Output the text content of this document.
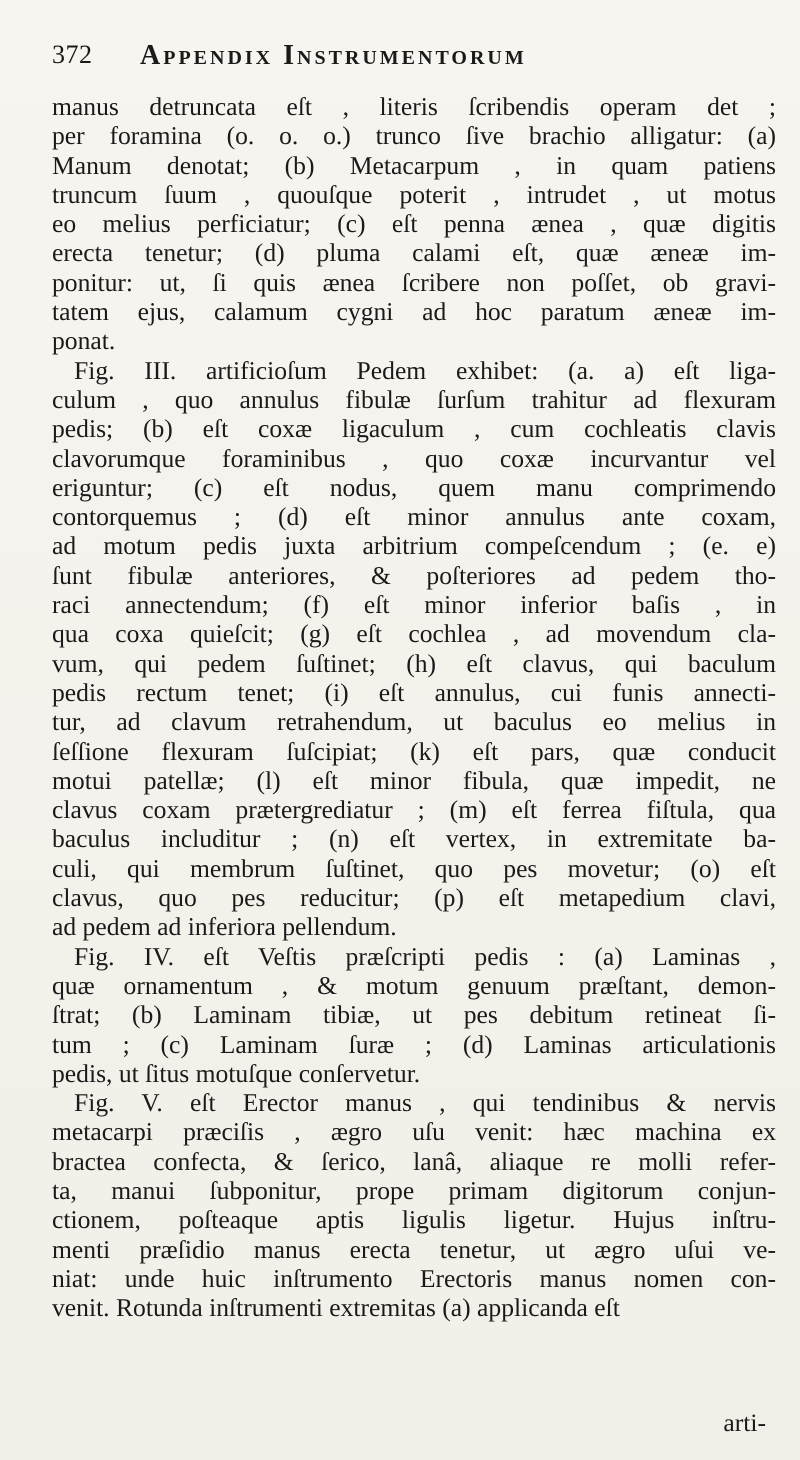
372 Appendix Instrumentorum
manus detruncata eſt , literis ſcribendis operam det ;
per foramina (o. o. o.) trunco ſive brachio alligatur: (a)
Manum denotat; (b) Metacarpum , in quam patiens
truncum ſuum , quouſque poterit , intrudet , ut motus
eo melius perficiatur; (c) eſt penna ænea , quæ digitis
erecta tenetur; (d) pluma calami eſt, quæ æneæ im-
ponitur: ut, ſi quis ænea ſcribere non poſſet, ob gravi-
tatem ejus, calamum cygni ad hoc paratum æneæ im-
ponat.
Fig. III. artificioſum Pedem exhibet: (a. a) eſt liga-
culum , quo annulus fibulæ ſurſum trahitur ad flexuram
pedis; (b) eſt coxæ ligaculum , cum cochleatis clavis
clavorumque foraminibus , quo coxæ incurvantur vel
eriguntur; (c) eſt nodus, quem manu comprimendo
contorquemus ; (d) eſt minor annulus ante coxam,
ad motum pedis juxta arbitrium compeſcendum ; (e. e)
ſunt fibulæ anteriores, & poſteriores ad pedem tho-
raci annectendum; (f) eſt minor inferior baſis , in
qua coxa quieſcit; (g) eſt cochlea , ad movendum cla-
vum, qui pedem ſuſtinet; (h) eſt clavus, qui baculum
pedis rectum tenet; (i) eſt annulus, cui funis annecti-
tur, ad clavum retrahendum, ut baculus eo melius in
ſeſſione flexuram ſuſcipiat; (k) eſt pars, quæ conducit
motui patellæ; (l) eſt minor fibula, quæ impedit, ne
clavus coxam prætergrediatur ; (m) eſt ferrea fiſtula, qua
baculus includitur ; (n) eſt vertex, in extremitate ba-
culi, qui membrum ſuſtinet, quo pes movetur; (o) eſt
clavus, quo pes reducitur; (p) eſt metapedium clavi,
ad pedem ad inferiora pellendum.
Fig. IV. eſt Veſtis præſcripti pedis : (a) Laminas ,
quæ ornamentum , & motum genuum præſtant, demon-
ſtrat; (b) Laminam tibiæ, ut pes debitum retineat ſi-
tum ; (c) Laminam ſuræ ; (d) Laminas articulationis
pedis, ut ſitus motuſque conſervetur.
Fig. V. eſt Erector manus , qui tendinibus & nervis
metacarpi præciſis , ægro uſu venit: hæc machina ex
bractea confecta, & ſerico, lanâ, aliaque re molli refer-
ta, manui ſubponitur, prope primam digitorum conjun-
ctionem, poſteaque aptis ligulis ligetur. Hujus inſtru-
menti præſidio manus erecta tenetur, ut ægro uſui ve-
niat: unde huic inſtrumento Erectoris manus nomen con-
venit. Rotunda inſtrumenti extremitas (a) applicanda eſt
arti-
